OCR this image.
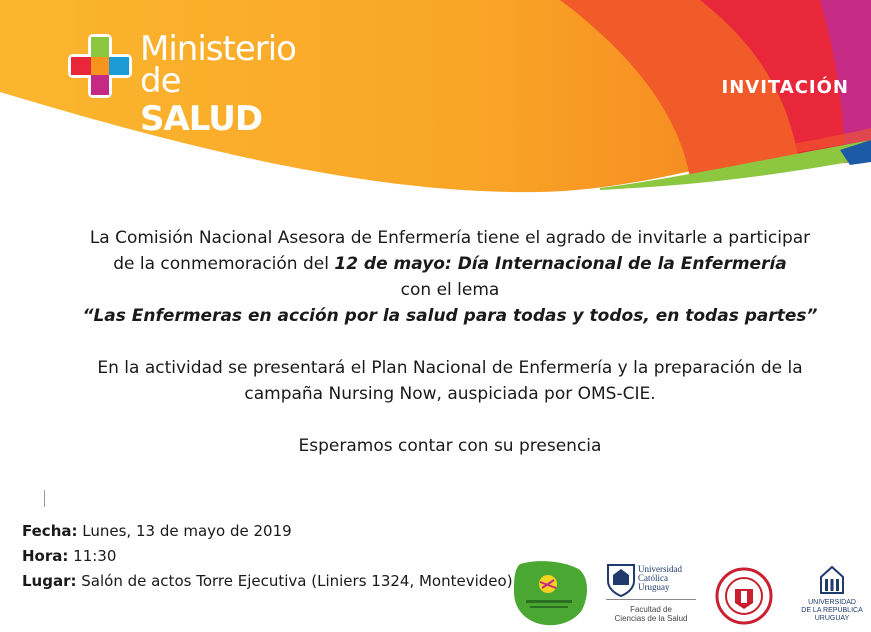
Ministerio
de SALUD
INVITACIÓN

La Comisión Nacional Asesora de Enfermería tiene el agrado de invitarle a participar

de la conmemoración del 12 de mayo: Día Internacional de la Enfermería

con el lema

“Las Enfermeras en acción por la salud para todas y todos, en todas partes”

En la actividad se presentará el Plan Nacional de Enfermería y la preparación de la

campaña Nursing Now, auspiciada por OMS-CIE.

Esperamos contar con su presencia

Fecha: Lunes, 13 de mayo de 2019
Hora: 11:30
Lugar: Salón de actos Torre Ejecutiva (Liniers 1324, Montevideo)
Universidad
Católica
Uruguay
Facultad de
Ciencias de la Salud
UNIVERSIDAD
DE LA REPÚBLICA
URUGUAY
